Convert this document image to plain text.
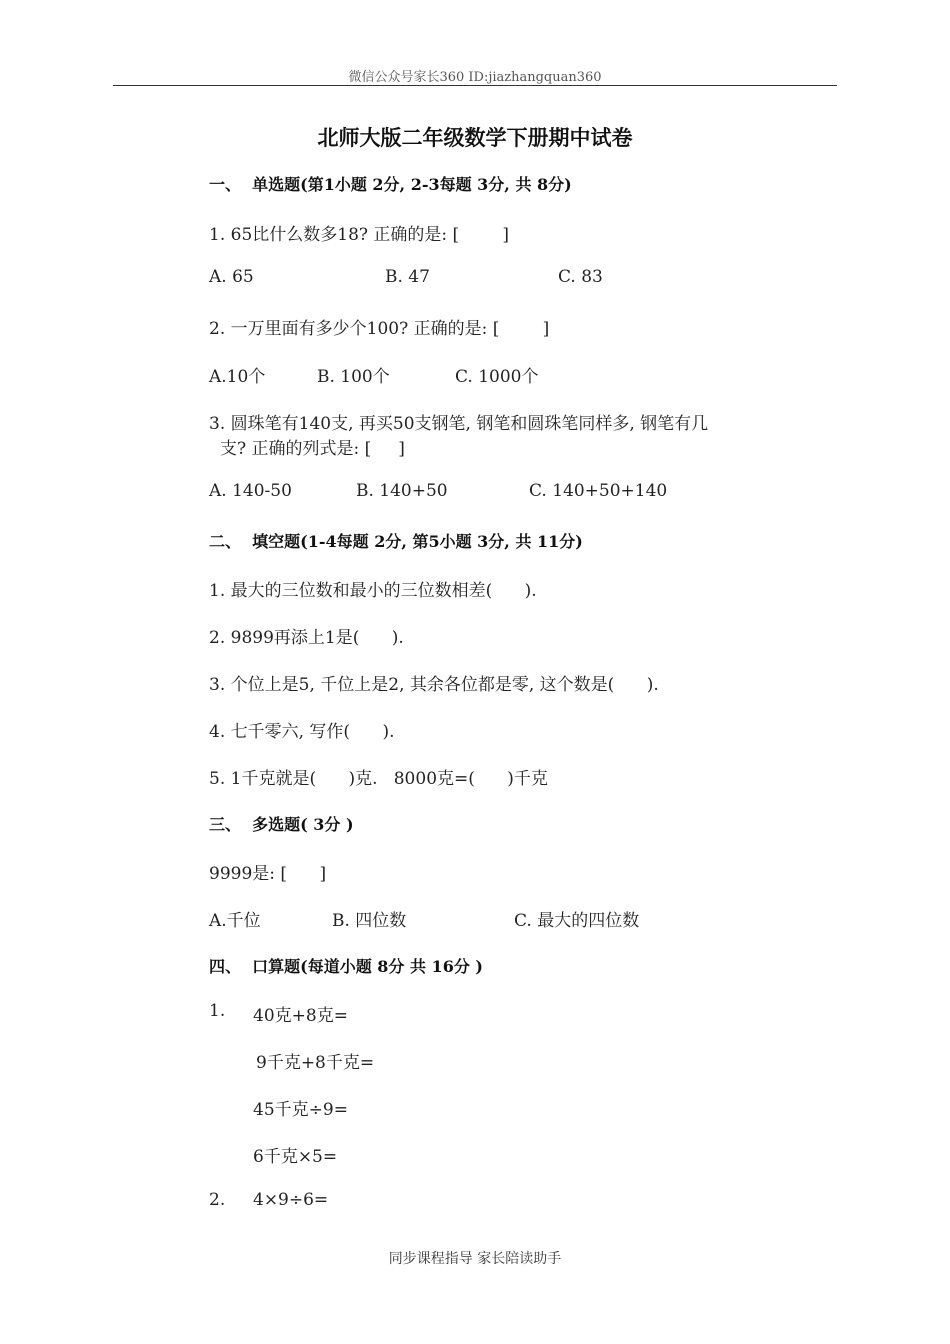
微信公众号家长360 ID:jiazhangquan360
北师大版二年级数学下册期中试卷
一、  单选题(第1小题 2分, 2-3每题 3分, 共 8分)
1. 65比什么数多18? 正确的是: [        ]
A. 65	B. 47	C. 83
2. 一万里面有多少个100? 正确的是: [        ]
A.10个	B. 100个	C. 1000个
3. 圆珠笔有140支, 再买50支钢笔, 钢笔和圆珠笔同样多, 钢笔有几
支? 正确的列式是: [     ]
A. 140-50	B. 140+50	C. 140+50+140
二、  填空题(1-4每题 2分, 第5小题 3分, 共 11分)
1. 最大的三位数和最小的三位数相差(      ).
2. 9899再添上1是(      ).
3. 个位上是5, 千位上是2, 其余各位都是零, 这个数是(      ).
4. 七千零六, 写作(      ).
5. 1千克就是(      )克.   8000克=(      )千克
三、  多选题( 3分 )
9999是: [      ]
A.千位	B. 四位数	C. 最大的四位数
四、  口算题(每道小题 8分 共 16分 )
1. 40克+8克=
9千克+8千克=
45千克÷9=
6千克×5=
2. 4×9÷6=
同步课程指导 家长陪读助手
